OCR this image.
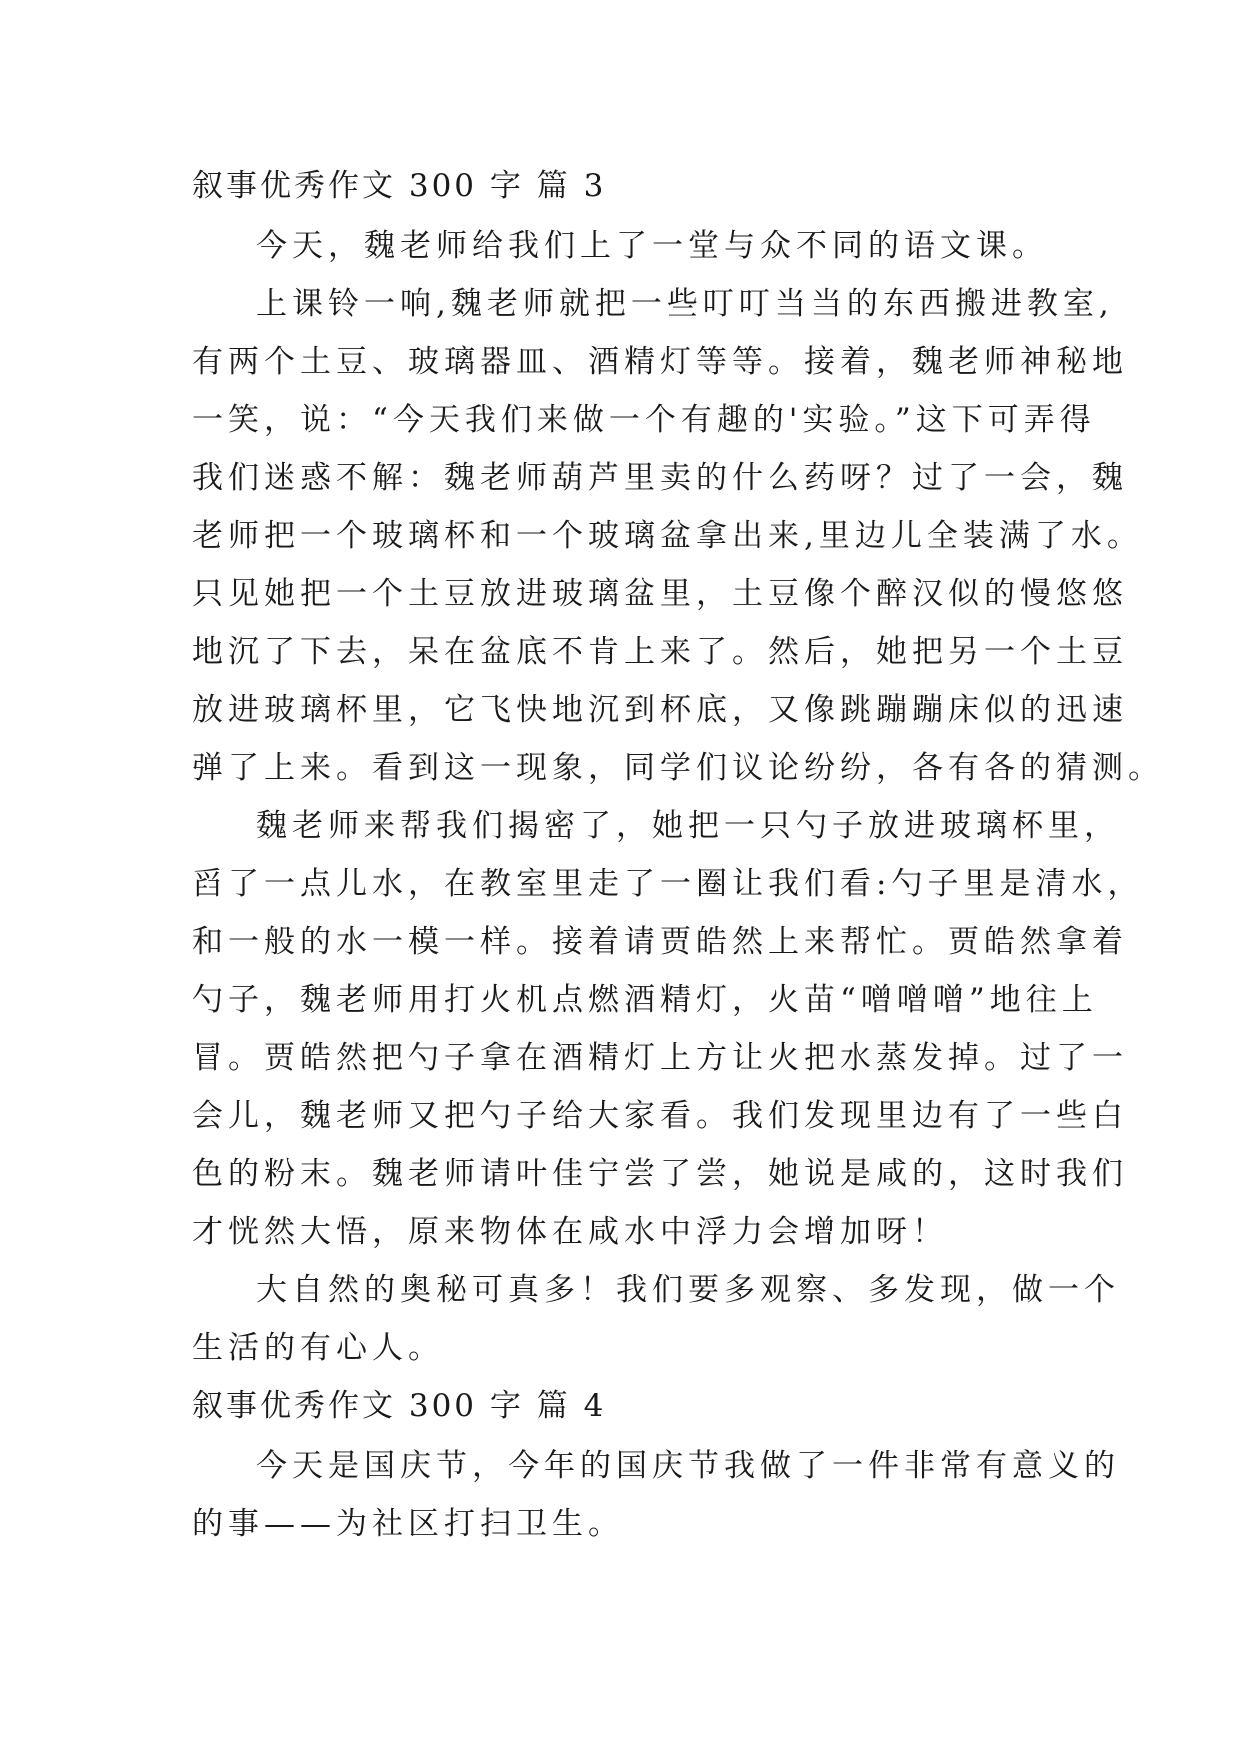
叙事优秀作文 300 字 篇 3
今天，魏老师给我们上了一堂与众不同的语文课。
上课铃一响,魏老师就把一些叮叮当当的东西搬进教室,
有两个土豆、玻璃器皿、酒精灯等等。接着，魏老师神秘地
一笑，说：“今天我们来做一个有趣的'实验。”这下可弄得
我们迷惑不解：魏老师葫芦里卖的什么药呀？过了一会，魏
老师把一个玻璃杯和一个玻璃盆拿出来,里边儿全装满了水。
只见她把一个土豆放进玻璃盆里，土豆像个醉汉似的慢悠悠
地沉了下去，呆在盆底不肯上来了。然后，她把另一个土豆
放进玻璃杯里，它飞快地沉到杯底，又像跳蹦蹦床似的迅速
弹了上来。看到这一现象，同学们议论纷纷，各有各的猜测。
魏老师来帮我们揭密了，她把一只勺子放进玻璃杯里，
舀了一点儿水，在教室里走了一圈让我们看:勺子里是清水，
和一般的水一模一样。接着请贾皓然上来帮忙。贾皓然拿着
勺子，魏老师用打火机点燃酒精灯，火苗“噌噌噌”地往上
冒。贾皓然把勺子拿在酒精灯上方让火把水蒸发掉。过了一
会儿，魏老师又把勺子给大家看。我们发现里边有了一些白
色的粉末。魏老师请叶佳宁尝了尝，她说是咸的，这时我们
才恍然大悟，原来物体在咸水中浮力会增加呀！
大自然的奥秘可真多！我们要多观察、多发现，做一个
生活的有心人。
叙事优秀作文 300 字 篇 4
今天是国庆节，今年的国庆节我做了一件非常有意义的
的事——为社区打扫卫生。
